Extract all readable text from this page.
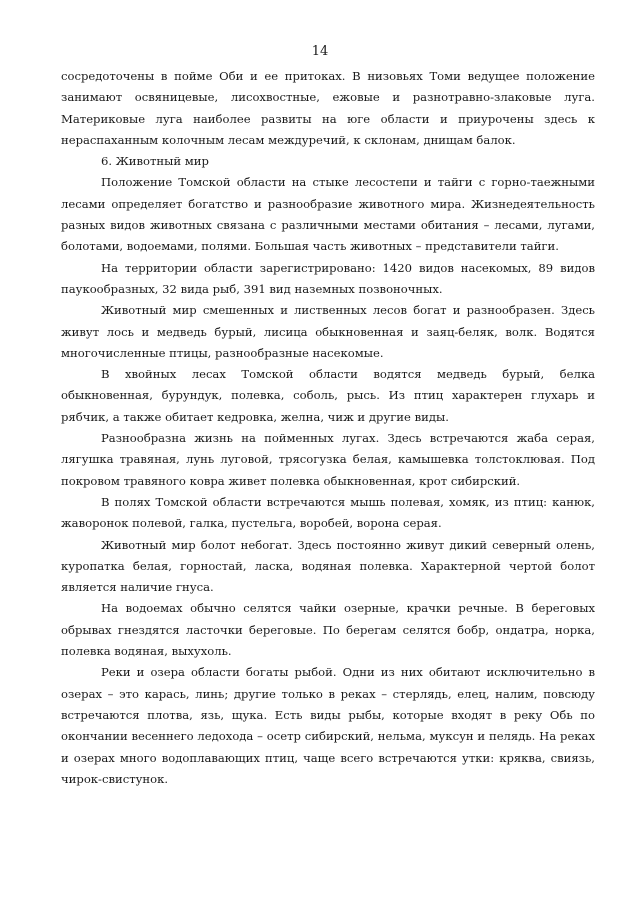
14

сосредоточены в пойме Оби и ее притоках. В низовьях Томи ведущее положение занимают освяницевые, лисохвостные, ежовые и разнотравно-злаковые луга. Материковые луга наиболее развиты на юге области и приурочены здесь к нераспаханным колочным лесам междуречий, к склонам, днищам балок.

6. Животный мир

Положение Томской области на стыке лесостепи и тайги с горно-таежными лесами определяет богатство и разнообразие животного мира. Жизнедеятельность разных видов животных связана с различными местами обитания – лесами, лугами, болотами, водоемами, полями. Большая часть животных – представители тайги.

На территории области зарегистрировано: 1420 видов насекомых, 89 видов паукообразных, 32 вида рыб, 391 вид наземных позвоночных.

Животный мир смешенных и лиственных лесов богат и разнообразен. Здесь живут лось и медведь бурый, лисица обыкновенная и заяц-беляк, волк. Водятся многочисленные птицы, разнообразные насекомые.

В хвойных лесах Томской области водятся медведь бурый, белка обыкновенная, бурундук, полевка, соболь, рысь. Из птиц характерен глухарь и рябчик, а также обитает кедровка, желна, чиж и другие виды.

Разнообразна жизнь на пойменных лугах. Здесь встречаются жаба серая, лягушка травяная, лунь луговой, трясогузка белая, камышевка толстоклювая. Под покровом травяного ковра живет полевка обыкновенная, крот сибирский.

В полях Томской области встречаются мышь полевая, хомяк, из птиц: канюк, жаворонок полевой, галка, пустельга, воробей, ворона серая.

Животный мир болот небогат. Здесь постоянно живут дикий северный олень, куропатка белая, горностай, ласка, водяная полевка. Характерной чертой болот является наличие гнуса.

На водоемах обычно селятся чайки озерные, крачки речные. В береговых обрывах гнездятся ласточки береговые. По берегам селятся бобр, ондатра, норка, полевка водяная, выхухоль.

Реки и озера области богаты рыбой. Одни из них обитают исключительно в озерах – это карась, линь; другие только в реках – стерлядь, елец, налим, повсюду встречаются плотва, язь, щука. Есть виды рыбы, которые входят в реку Обь по окончании весеннего ледохода – осетр сибирский, нельма, муксун и пелядь. На реках и озерах много водоплавающих птиц, чаще всего встречаются утки: кряква, свиязь, чирок-свистунок.
